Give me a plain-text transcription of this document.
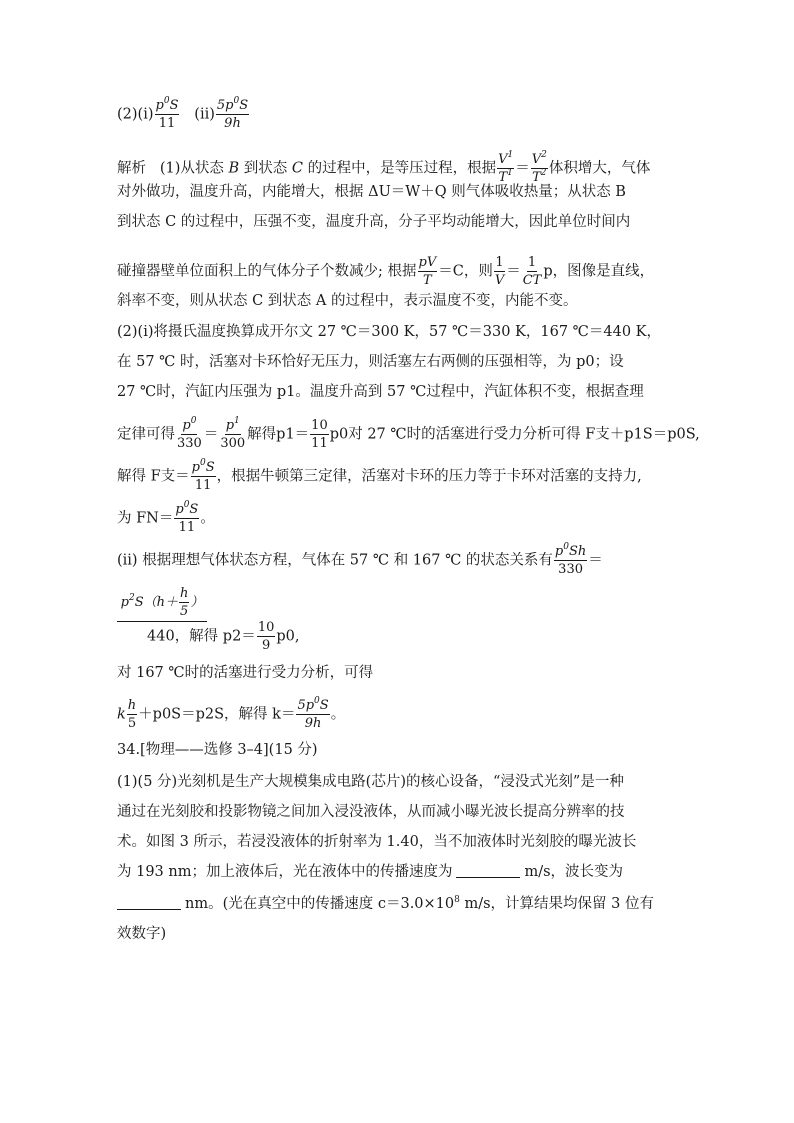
(2)(ⅰ) $\frac{p^0S}{11}$ (ⅱ) $\frac{5p^0S}{9h}$
解析 (1)从状态 B 到状态 C 的过程中，是等压过程，根据 $\frac{V^1}{T^1} = \frac{V^2}{T^2}$ 体积增大，气体
对外做功，温度升高，内能增大，根据 ΔU＝W＋Q 则气体吸收热量；从状态 B
到状态 C 的过程中，压强不变，温度升高，分子平均动能增大，因此单位时间内
碰撞器壁单位面积上的气体分子个数减少; 根据 $\frac{pV}{T} =C$，则 $\frac{1}{V} = \frac{1}{CT}$ p，图像是直线，
斜率不变，则从状态 C 到状态 A 的过程中，表示温度不变，内能不变。
(2)(ⅰ)将摄氏温度换算成开尔文 27 ℃＝300 K，57 ℃＝330 K，167 ℃＝440 K，
在 57 ℃ 时，活塞对卡环恰好无压力，则活塞左右两侧的压强相等，为 p0；设
27 ℃时，汽缸内压强为 p1。温度升高到 57 ℃过程中，汽缸体积不变，根据查理
定律可得 $\frac{p^0}{330} = \frac{p^1}{300}$ 解得$p1= \frac{10}{11} p0$对 27 ℃时的活塞进行受力分析可得 F支＋p1S＝p0S,
解得 F支＝ $\frac{p^0S}{11}$ ，根据牛顿第三定律，活塞对卡环的压力等于卡环对活塞的支持力,
为 $FN= \frac{p^0S}{11}$ 。
(ⅱ) 根据理想气体状态方程，气体在 57 ℃ 和 167 ℃ 的状态关系有 $\frac{p^0Sh}{330}$ ＝
$p^2S(h+ \frac{h}{5}$ ）
440，解得 $p2= \frac{10}{9} p0$,
对 167 ℃时的活塞进行受力分析，可得
k $\frac{h}{5} +p0S=p2S$，解得 $k= \frac{5p^0S}{9h}$ 。
34.[物理——选修 3–4](15 分)
(1)(5 分)光刻机是生产大规模集成电路(芯片)的核心设备，“浸没式光刻”是一种
通过在光刻胶和投影物镜之间加入浸没液体，从而减小曝光波长提高分辨率的技
术。如图 3 所示，若浸没液体的折射率为 1.40，当不加液体时光刻胶的曝光波长
为 193 nm；加上液体后，光在液体中的传播速度为	m/s，波长变为
nm。(光在真空中的传播速度 $c=3.0\times 10^8$ m/s，计算结果均保留 3 位有
效数字)
